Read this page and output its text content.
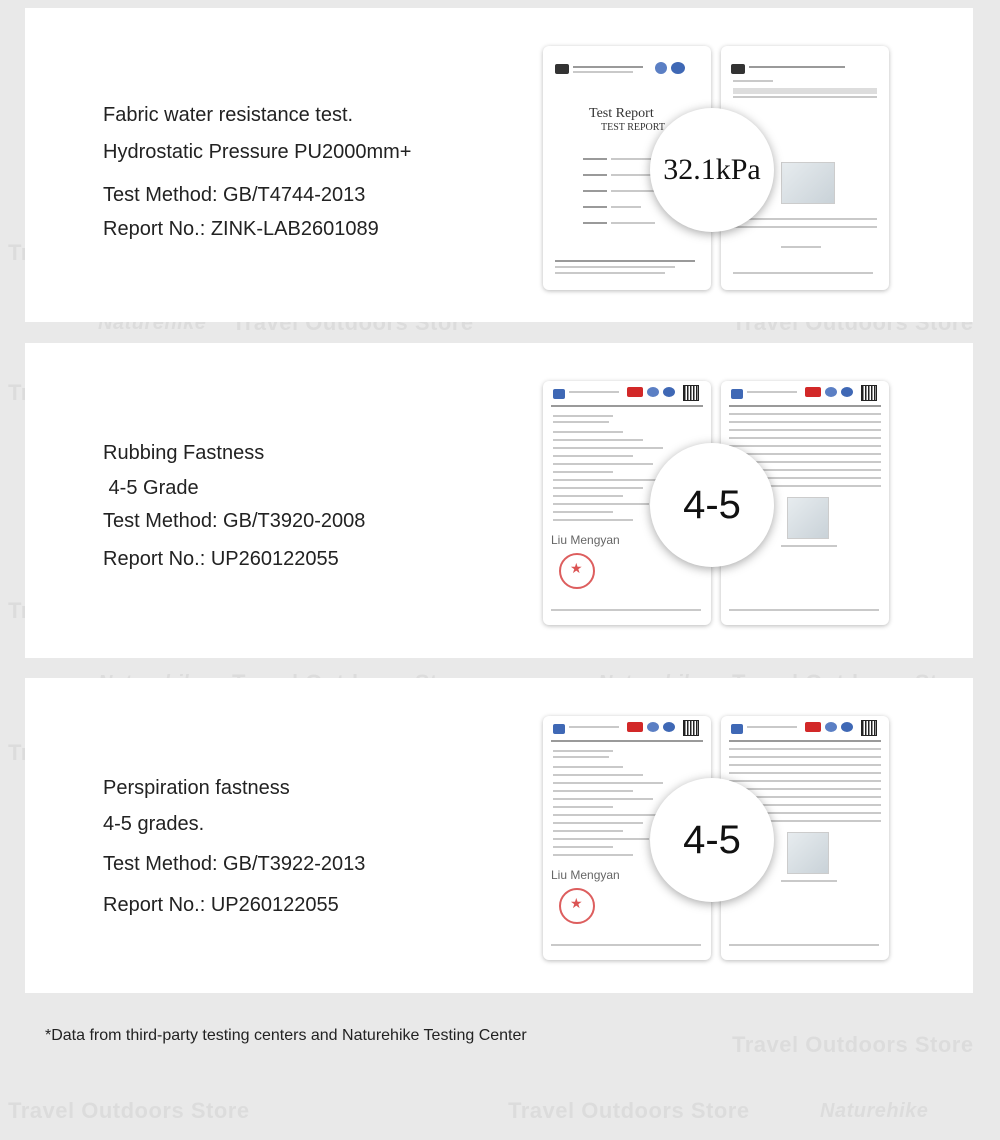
Travel Outdoors Store	Travel Outdoors Store
Travel Outdoors Store
Travel Outdoors Store	Travel Outdoors Store
Naturehike
Naturehike
Fabric water resistance test.
Hydrostatic Pressure PU2000mm+
Test Method: GB/T4744-2013
Report No.: ZINK-LAB2601089
Test Report
TEST REPORT
32.1kPa
Rubbing Fastness
4-5 Grade
Test Method: GB/T3920-2008
Report No.: UP260122055
Liu Mengyan
★
4-5
Perspiration fastness
4-5 grades.
Test Method: GB/T3922-2013
Report No.: UP260122055
Liu Mengyan
★
4-5
*Data from third-party testing centers and Naturehike Testing Center
